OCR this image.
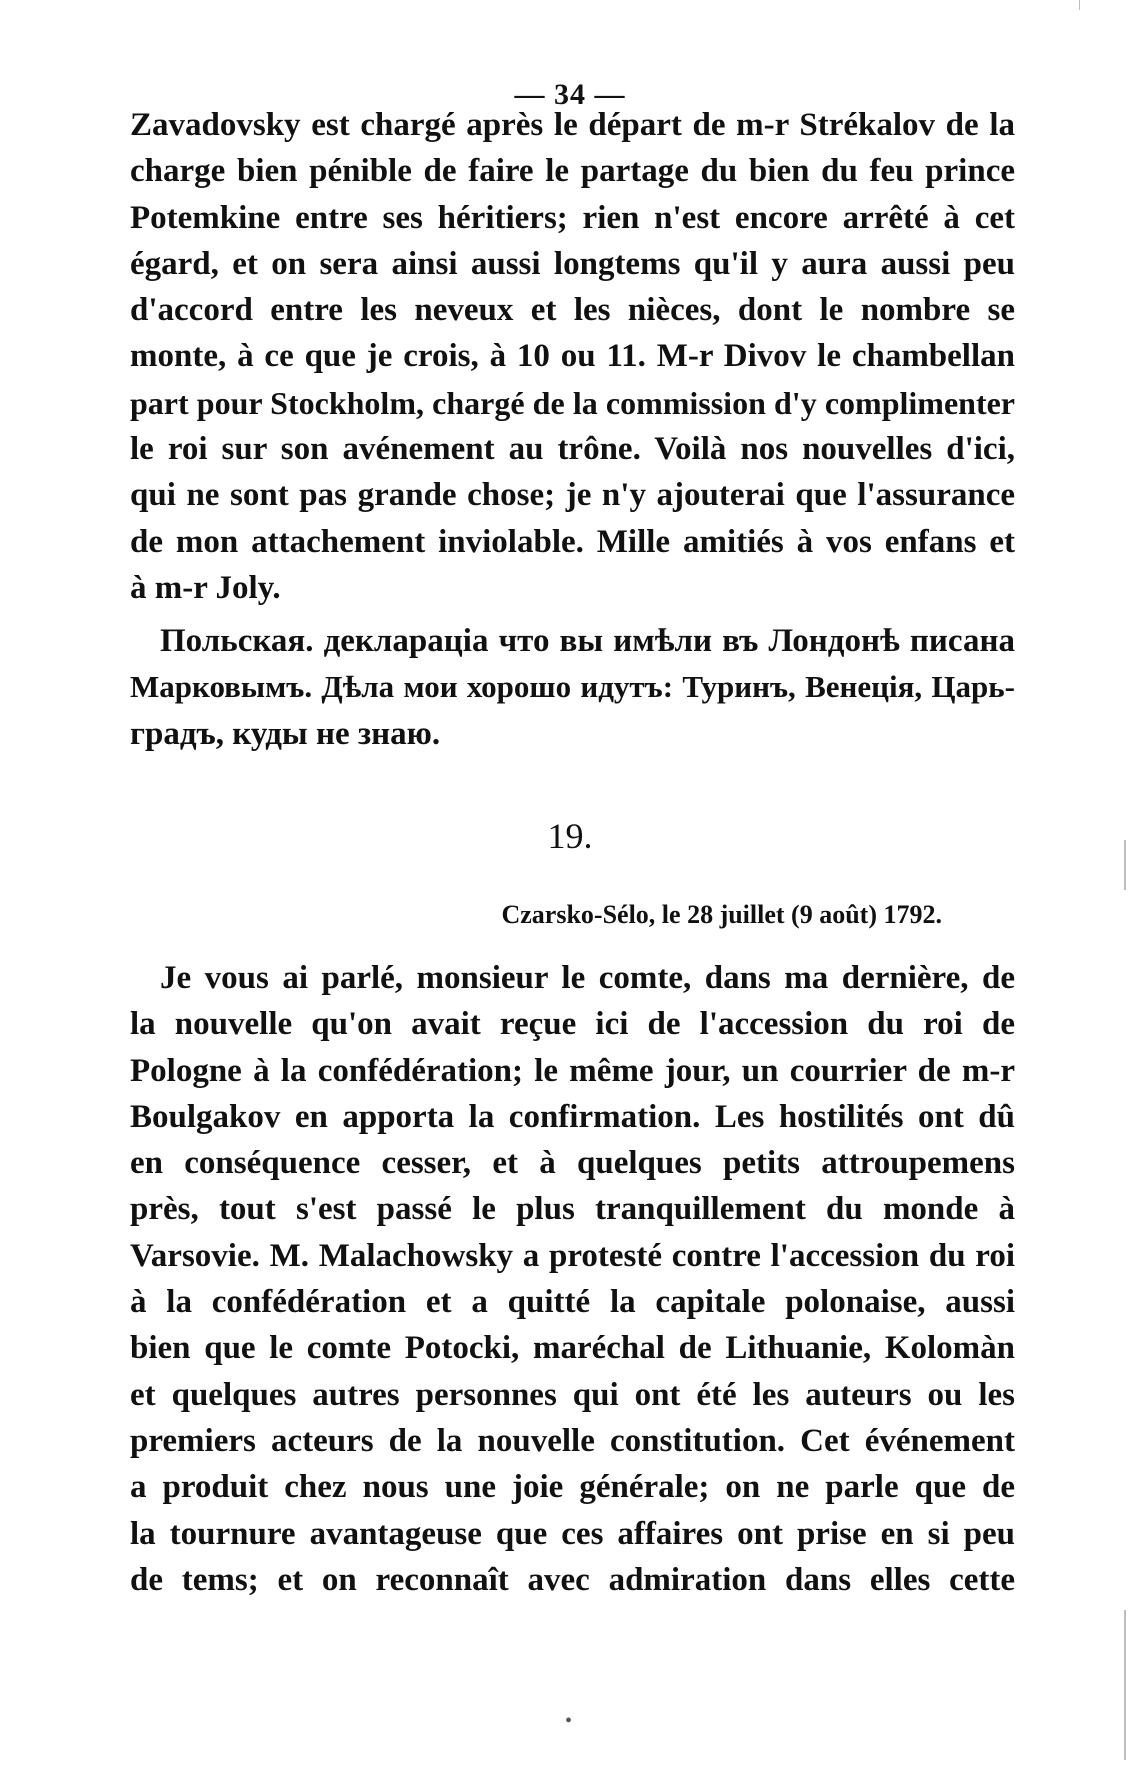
— 34 —
Zavadovsky est chargé après le départ de m-r Strékalov de la
charge bien pénible de faire le partage du bien du feu prince
Potemkine entre ses héritiers; rien n'est encore arrêté à cet
égard, et on sera ainsi aussi longtems qu'il y aura aussi peu
d'accord entre les neveux et les nièces, dont le nombre se
monte, à ce que je crois, à 10 ou 11. M-r Divov le chambellan
part pour Stockholm, chargé de la commission d'y complimenter
le roi sur son avénement au trône. Voilà nos nouvelles d'ici,
qui ne sont pas grande chose; je n'y ajouterai que l'assurance
de mon attachement inviolable. Mille amitiés à vos enfans et
à m-r Joly.
Польская. деклараціа что вы имѣли въ Лондонѣ писана
Марковымъ. Дѣла мои хорошо идутъ: Туринъ, Венеція, Царь-
градъ, куды не знаю.
19.
Czarsko-Sélo, le 28 juillet (9 août) 1792.
Je vous ai parlé, monsieur le comte, dans ma dernière, de
la nouvelle qu'on avait reçue ici de l'accession du roi de
Pologne à la confédération; le même jour, un courrier de m-r
Boulgakov en apporta la confirmation. Les hostilités ont dû
en conséquence cesser, et à quelques petits attroupemens
près, tout s'est passé le plus tranquillement du monde à
Varsovie. M. Malachowsky a protesté contre l'accession du roi
à la confédération et a quitté la capitale polonaise, aussi
bien que le comte Potocki, maréchal de Lithuanie, Kolomàn
et quelques autres personnes qui ont été les auteurs ou les
premiers acteurs de la nouvelle constitution. Cet événement
a produit chez nous une joie générale; on ne parle que de
la tournure avantageuse que ces affaires ont prise en si peu
de tems; et on reconnaît avec admiration dans elles cette
•
